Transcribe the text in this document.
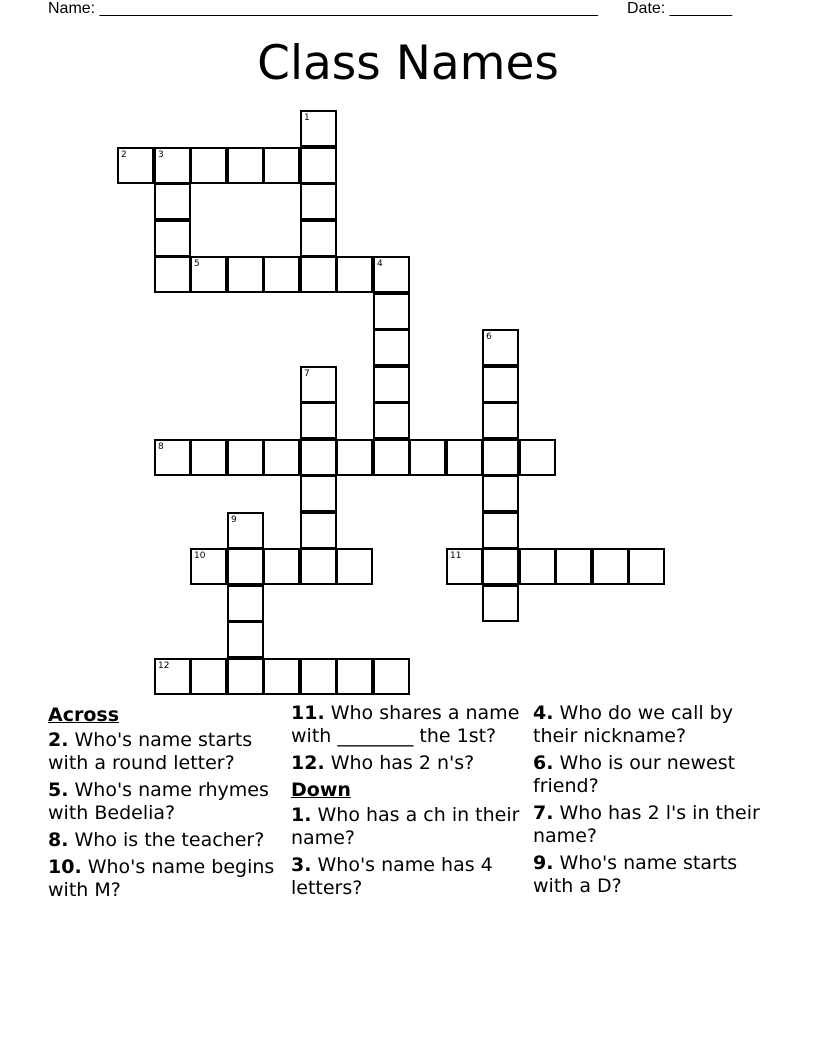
Name: ________________________________________________________ Date: _______
Class Names
2	3
5	4
8
10	11
12
1
6
7
9
Across
2. Who's name starts with a round letter?
5. Who's name rhymes with Bedelia?
8. Who is the teacher?
10. Who's name begins with M?
11. Who shares a name with ________ the 1st?
12. Who has 2 n's?
Down
1. Who has a ch in their name?
3. Who's name has 4 letters?
4. Who do we call by their nickname?
6. Who is our newest friend?
7. Who has 2 l's in their name?
9. Who's name starts with a D?
